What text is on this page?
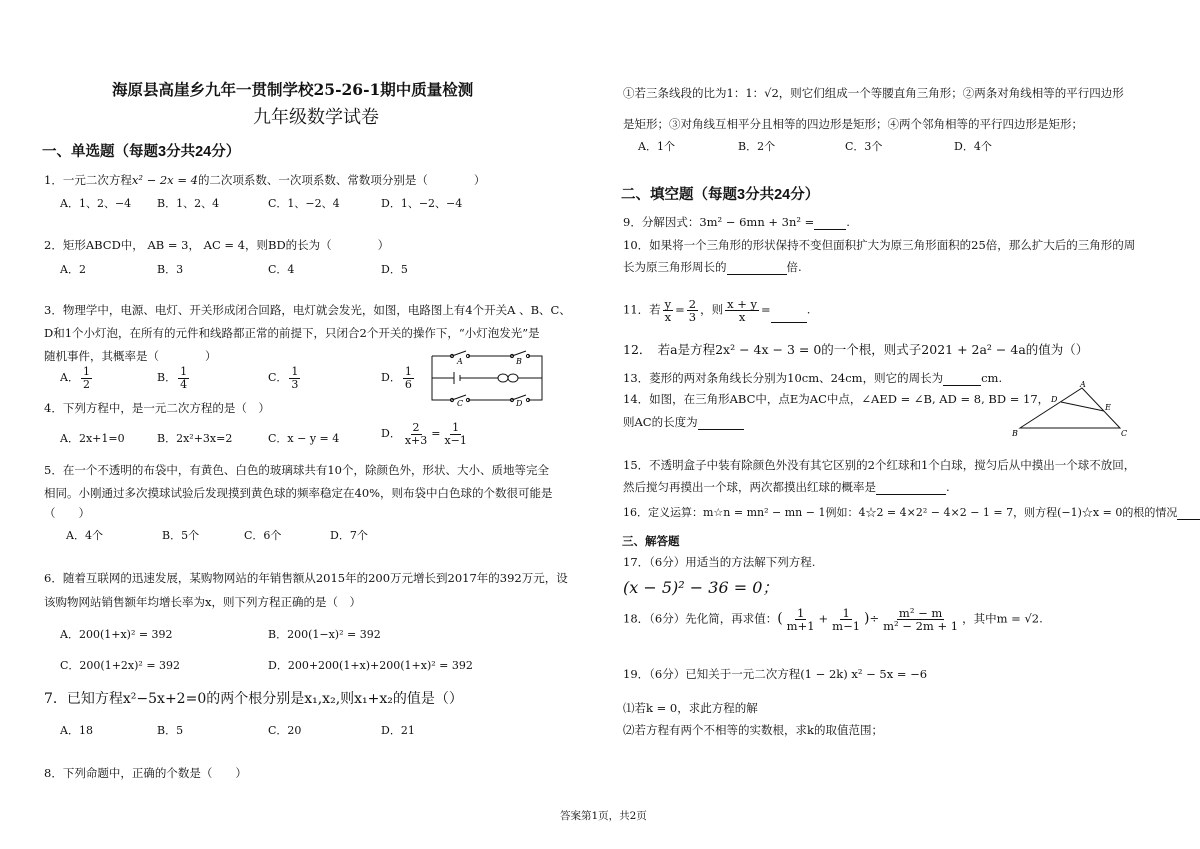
海原县高崖乡九年一贯制学校25-26-1期中质量检测
九年级数学试卷
一、单选题（每题3分共24分）
1．一元二次方程x² − 2x = 4的二次项系数、一次项系数、常数项分别是（　　　　）
A．1、2、−4 B．1、2、4	C．1、−2、4	D．1、−2、−4
2．矩形ABCD中， AB = 3， AC = 4，则BD的长为（　　　　）
A．2	B．3	C．4	D．5
3．物理学中，电源、电灯、开关形成闭合回路，电灯就会发光，如图，电路图上有4个开关A 、B、C、
D和1个小灯泡，在所有的元件和线路都正常的前提下，只闭合2个开关的操作下，“小灯泡发光”是
随机事件，其概率是（　　　　）
A． $\frac{1}{2}$	B． $\frac{1}{4}$	C． $\frac{1}{3}$	D． $\frac{1}{6}$
A	B
C	D
4．下列方程中，是一元二次方程的是（　）
A．2x+1=0	B．2x²+3x=2	C．x − y = 4	D． $\frac{2}{x+3} = \frac{1}{x-1}$
5．在一个不透明的布袋中，有黄色、白色的玻璃球共有10个，除颜色外，形状、大小、质地等完全
相同。小刚通过多次摸球试验后发现摸到黄色球的频率稳定在40%，则布袋中白色球的个数很可能是
（　　）
A．4个	B．5个	C．6个	D．7个
6．随着互联网的迅速发展，某购物网站的年销售额从2015年的200万元增长到2017年的392万元，设
该购物网站销售额年均增长率为x，则下列方程正确的是（　）
A．200(1+x)² = 392	B．200(1−x)² = 392
C．200(1+2x)² = 392	D．200+200(1+x)+200(1+x)² = 392
7．已知方程x²−5x+2=0的两个根分别是x₁,x₂,则x₁+x₂的值是（）
A．18	B．5	C．20	D．21
8．下列命题中，正确的个数是（　　）
①若三条线段的比为1：1：√2，则它们组成一个等腰直角三角形；②两条对角线相等的平行四边形
是矩形；③对角线互相平分且相等的四边形是矩形；④两个邻角相等的平行四边形是矩形；
A．1个	B．2个	C．3个	D．4个
二、填空题（每题3分共24分）
9．分解因式：3m² − 6mn + 3n² =	.
10．如果将一个三角形的形状保持不变但面积扩大为原三角形面积的25倍，那么扩大后的三角形的周
长为原三角形周长的	倍.
11．若 $\frac{y}{x} = \frac{2}{3}$ ，则 $\frac{x + y}{x}$ =	.
12．　若a是方程2x² − 4x − 3 = 0的一个根，则式子2021 + 2a² − 4a的值为（）
13．菱形的两对条角线长分别为10cm、24cm，则它的周长为	cm.
14．如图，在三角形ABC中，点E为AC中点，∠AED = ∠B, AD = 8, BD = 17，
则AC的长度为
A
B	C
D
E
15．不透明盒子中装有除颜色外没有其它区别的2个红球和1个白球，搅匀后从中摸出一个球不放回，
然后搅匀再摸出一个球，两次都摸出红球的概率是	.
16．定义运算：m☆n = mn² − mn − 1例如：4☆2 = 4×2² − 4×2 − 1 = 7，则方程(−1)☆x = 0的根的情况
三、解答题
17．（6分）用适当的方法解下列方程.
(x − 5)² − 36 = 0；
18．（6分）先化简，再求值：( $\frac{1}{m+1} + \frac{1}{m-1}$ )÷ $\frac{\text{m² − m}}{\text{m² − 2m + 1}}$ ，其中m = √2.
19．（6分）已知关于一元二次方程(1 − 2k) x² − 5x = −6
⑴若k = 0，求此方程的解
⑵若方程有两个不相等的实数根，求k的取值范围；
答案第1页，共2页
